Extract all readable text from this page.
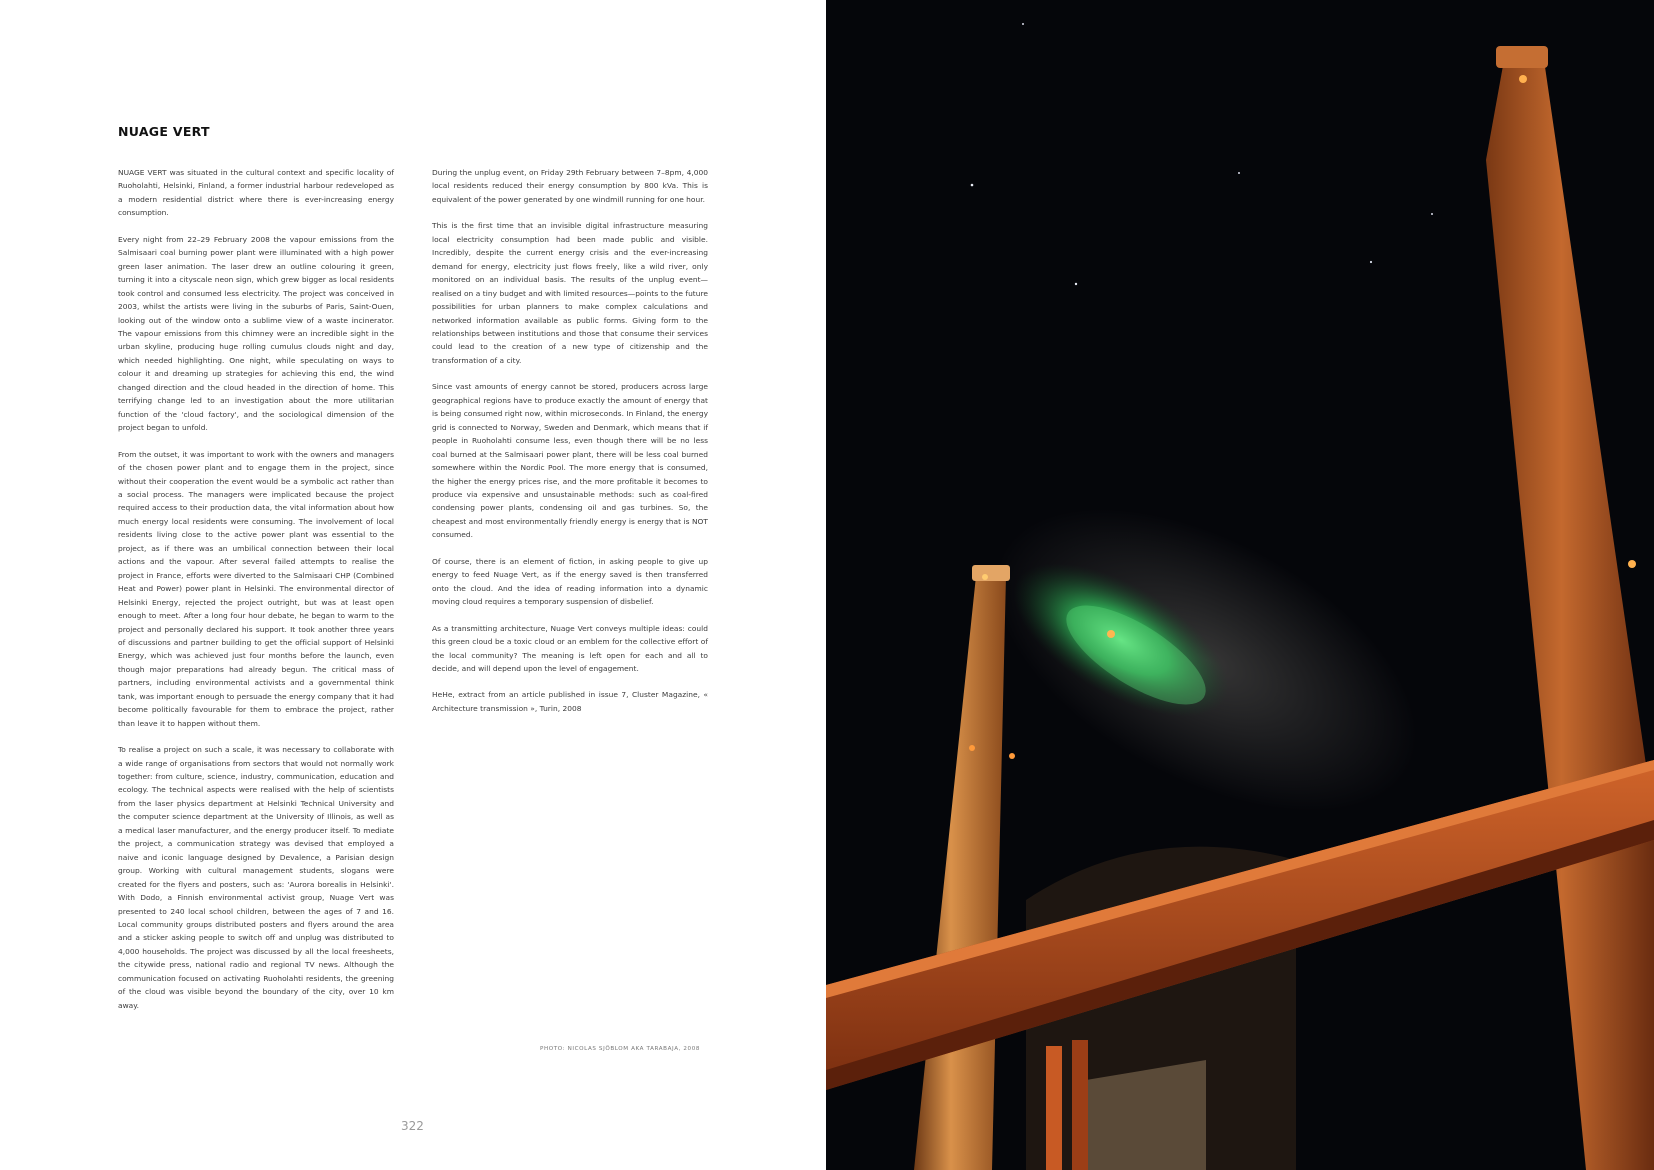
NUAGE VERT

NUAGE VERT was situated in the cultural context and specific locality of Ruoholahti, Helsinki, Finland, a former industrial harbour redeveloped as a modern residential district where there is ever-increasing energy consumption.

Every night from 22–29 February 2008 the vapour emissions from the Salmisaari coal burning power plant were illuminated with a high power green laser animation. The laser drew an outline colouring it green, turning it into a cityscale neon sign, which grew bigger as local residents took control and consumed less electricity. The project was conceived in 2003, whilst the artists were living in the suburbs of Paris, Saint-Ouen, looking out of the window onto a sublime view of a waste incinerator. The vapour emissions from this chimney were an incredible sight in the urban skyline, producing huge rolling cumulus clouds night and day, which needed highlighting. One night, while speculating on ways to colour it and dreaming up strategies for achieving this end, the wind changed direction and the cloud headed in the direction of home. This terrifying change led to an investigation about the more utilitarian function of the 'cloud factory', and the sociological dimension of the project began to unfold.

From the outset, it was important to work with the owners and managers of the chosen power plant and to engage them in the project, since without their cooperation the event would be a symbolic act rather than a social process. The managers were implicated because the project required access to their production data, the vital information about how much energy local residents were consuming. The involvement of local residents living close to the active power plant was essential to the project, as if there was an umbilical connection between their local actions and the vapour. After several failed attempts to realise the project in France, efforts were diverted to the Salmisaari CHP (Combined Heat and Power) power plant in Helsinki. The environmental director of Helsinki Energy, rejected the project outright, but was at least open enough to meet. After a long four hour debate, he began to warm to the project and personally declared his support. It took another three years of discussions and partner building to get the official support of Helsinki Energy, which was achieved just four months before the launch, even though major preparations had already begun. The critical mass of partners, including environmental activists and a governmental think tank, was important enough to persuade the energy company that it had become politically favourable for them to embrace the project, rather than leave it to happen without them.

To realise a project on such a scale, it was necessary to collaborate with a wide range of organisations from sectors that would not normally work together: from culture, science, industry, communication, education and ecology. The technical aspects were realised with the help of scientists from the laser physics department at Helsinki Technical University and the computer science department at the University of Illinois, as well as a medical laser manufacturer, and the energy producer itself. To mediate the project, a communication strategy was devised that employed a naive and iconic language designed by Devalence, a Parisian design group. Working with cultural management students, slogans were created for the flyers and posters, such as: 'Aurora borealis in Helsinki'. With Dodo, a Finnish environmental activist group, Nuage Vert was presented to 240 local school children, between the ages of 7 and 16. Local community groups distributed posters and flyers around the area and a sticker asking people to switch off and unplug was distributed to 4,000 households. The project was discussed by all the local freesheets, the citywide press, national radio and regional TV news. Although the communication focused on activating Ruoholahti residents, the greening of the cloud was visible beyond the boundary of the city, over 10 km away.

During the unplug event, on Friday 29th February between 7–8pm, 4,000 local residents reduced their energy consumption by 800 kVa. This is equivalent of the power generated by one windmill running for one hour.

This is the first time that an invisible digital infrastructure measuring local electricity consumption had been made public and visible. Incredibly, despite the current energy crisis and the ever-increasing demand for energy, electricity just flows freely, like a wild river, only monitored on an individual basis. The results of the unplug event—realised on a tiny budget and with limited resources—points to the future possibilities for urban planners to make complex calculations and networked information available as public forms. Giving form to the relationships between institutions and those that consume their services could lead to the creation of a new type of citizenship and the transformation of a city.

Since vast amounts of energy cannot be stored, producers across large geographical regions have to produce exactly the amount of energy that is being consumed right now, within microseconds. In Finland, the energy grid is connected to Norway, Sweden and Denmark, which means that if people in Ruoholahti consume less, even though there will be no less coal burned at the Salmisaari power plant, there will be less coal burned somewhere within the Nordic Pool. The more energy that is consumed, the higher the energy prices rise, and the more profitable it becomes to produce via expensive and unsustainable methods: such as coal-fired condensing power plants, condensing oil and gas turbines. So, the cheapest and most environmentally friendly energy is energy that is NOT consumed.

Of course, there is an element of fiction, in asking people to give up energy to feed Nuage Vert, as if the energy saved is then transferred onto the cloud. And the idea of reading information into a dynamic moving cloud requires a temporary suspension of disbelief.

As a transmitting architecture, Nuage Vert conveys multiple ideas: could this green cloud be a toxic cloud or an emblem for the collective effort of the local community? The meaning is left open for each and all to decide, and will depend upon the level of engagement.

HeHe, extract from an article published in issue 7, Cluster Magazine, « Architecture transmission », Turin, 2008

PHOTO: NICOLAS SJÖBLOM AKA TARABAJA, 2008
322
